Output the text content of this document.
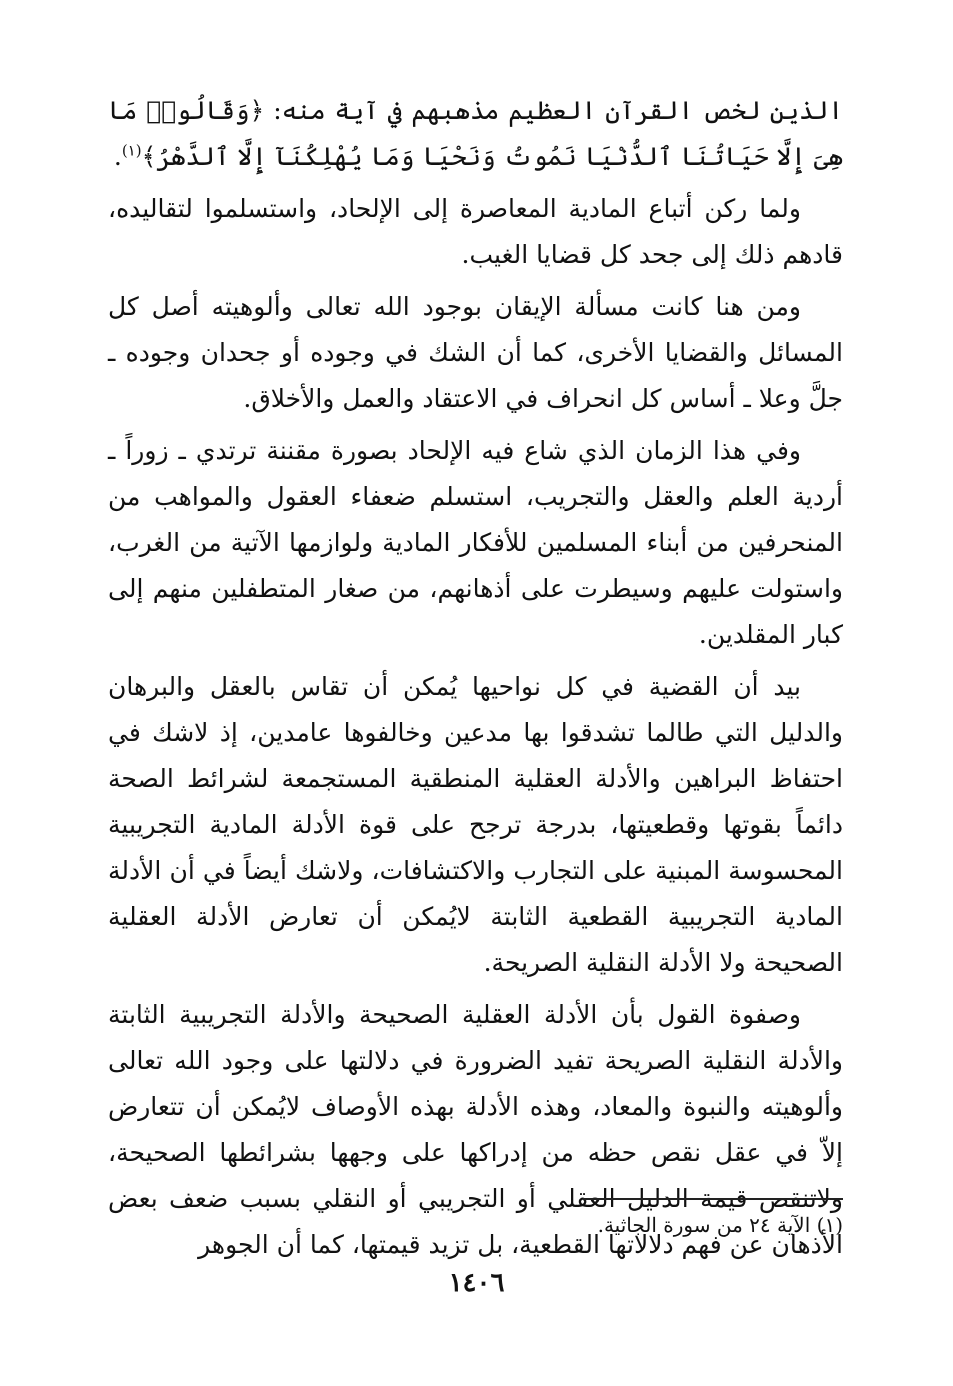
الذين لخص القرآن العظيم مذهبهم في آية منه: ﴿وَقَالُوا۟ مَا هِىَ إِلَّا حَيَاتُنَا ٱلدُّنْيَا نَمُوتُ وَنَحْيَا وَمَا يُهْلِكُنَآ إِلَّا ٱلدَّهْرُ﴾$^{(١)}$.

ولما ركن أتباع المادية المعاصرة إلى الإلحاد، واستسلموا لتقاليده، قادهم ذلك إلى جحد كل قضايا الغيب.

ومن هنا كانت مسألة الإيقان بوجود الله تعالى وألوهيته أصل كل المسائل والقضايا الأخرى، كما أن الشك في وجوده أو جحدان وجوده ـ جلَّ وعلا ـ أساس كل انحراف في الاعتقاد والعمل والأخلاق.

وفي هذا الزمان الذي شاع فيه الإلحاد بصورة مقننة ترتدي ـ زوراً ـ أردية العلم والعقل والتجريب، استسلم ضعفاء العقول والمواهب من المنحرفين من أبناء المسلمين للأفكار المادية ولوازمها الآتية من الغرب، واستولت عليهم وسيطرت على أذهانهم، من صغار المتطفلين منهم إلى كبار المقلدين.

بيد أن القضية في كل نواحيها يُمكن أن تقاس بالعقل والبرهان والدليل التي طالما تشدقوا بها مدعين وخالفوها عامدين، إذ لاشك في احتفاظ البراهين والأدلة العقلية المنطقية المستجمعة لشرائط الصحة دائماً بقوتها وقطعيتها، بدرجة ترجح على قوة الأدلة المادية التجريبية المحسوسة المبنية على التجارب والاكتشافات، ولاشك أيضاً في أن الأدلة المادية التجريبية القطعية الثابتة لايُمكن أن تعارض الأدلة العقلية الصحيحة ولا الأدلة النقلية الصريحة.

وصفوة القول بأن الأدلة العقلية الصحيحة والأدلة التجريبية الثابتة والأدلة النقلية الصريحة تفيد الضرورة في دلالتها على وجود الله تعالى وألوهيته والنبوة والمعاد، وهذه الأدلة بهذه الأوصاف لايُمكن أن تتعارض إلاّ في عقل نقص حظه من إدراكها على وجهها بشرائطها الصحيحة، ولاتنقص قيمة الدليل العقلي أو التجريبي أو النقلي بسبب ضعف بعض الأذهان عن فهم دلالاتها القطعية، بل تزيد قيمتها، كما أن الجوهر

(١) الآية ٢٤ من سورة الجاثية.
١٤٠٦
